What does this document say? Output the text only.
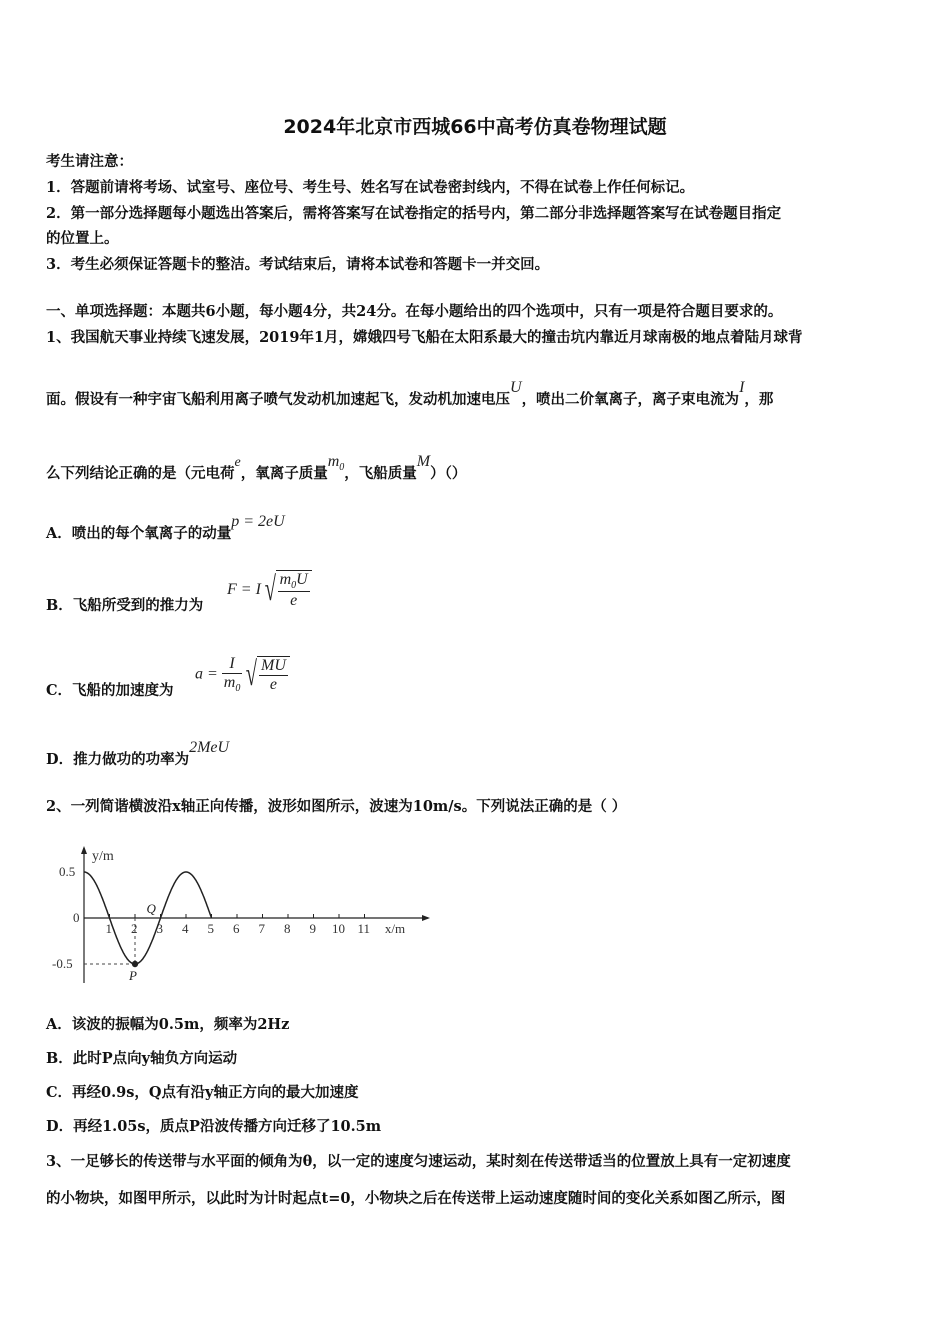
2024年北京市西城66中高考仿真卷物理试题
考生请注意：
1．答题前请将考场、试室号、座位号、考生号、姓名写在试卷密封线内，不得在试卷上作任何标记。
2．第一部分选择题每小题选出答案后，需将答案写在试卷指定的括号内，第二部分非选择题答案写在试卷题目指定
的位置上。
3．考生必须保证答题卡的整洁。考试结束后，请将本试卷和答题卡一并交回。
一、单项选择题：本题共6小题，每小题4分，共24分。在每小题给出的四个选项中，只有一项是符合题目要求的。
1、我国航天事业持续飞速发展，2019年1月，嫦娥四号飞船在太阳系最大的撞击坑内靠近月球南极的地点着陆月球背
面。假设有一种宇宙飞船利用离子喷气发动机加速起飞，发动机加速电压U，喷出二价氧离子，离子束电流为I，那
么下列结论正确的是（元电荷e，氧离子质量$m_0$，飞船质量M）（）
A．喷出的每个氧离子的动量p = 2eU
B．飞船所受到的推力为
F = I √ $\frac{m_0U}{e}$
C．飞船的加速度为
$a = \frac{I}{m_0}$ √ $\frac{MU}{e}$
D．推力做功的功率为2MeU
2、一列简谐横波沿x轴正向传播，波形如图所示，波速为10m/s。下列说法正确的是（ ）
y/m
x/m
1 2 3 4 5 6 7 8 9 10 11
0.5
0
-0.5
P
Q
A．该波的振幅为0.5m，频率为2Hz
B．此时P点向y轴负方向运动
C．再经0.9s，Q点有沿y轴正方向的最大加速度
D．再经1.05s，质点P沿波传播方向迁移了10.5m
3、一足够长的传送带与水平面的倾角为θ，以一定的速度匀速运动，某时刻在传送带适当的位置放上具有一定初速度
的小物块，如图甲所示，以此时为计时起点t=0，小物块之后在传送带上运动速度随时间的变化关系如图乙所示，图
